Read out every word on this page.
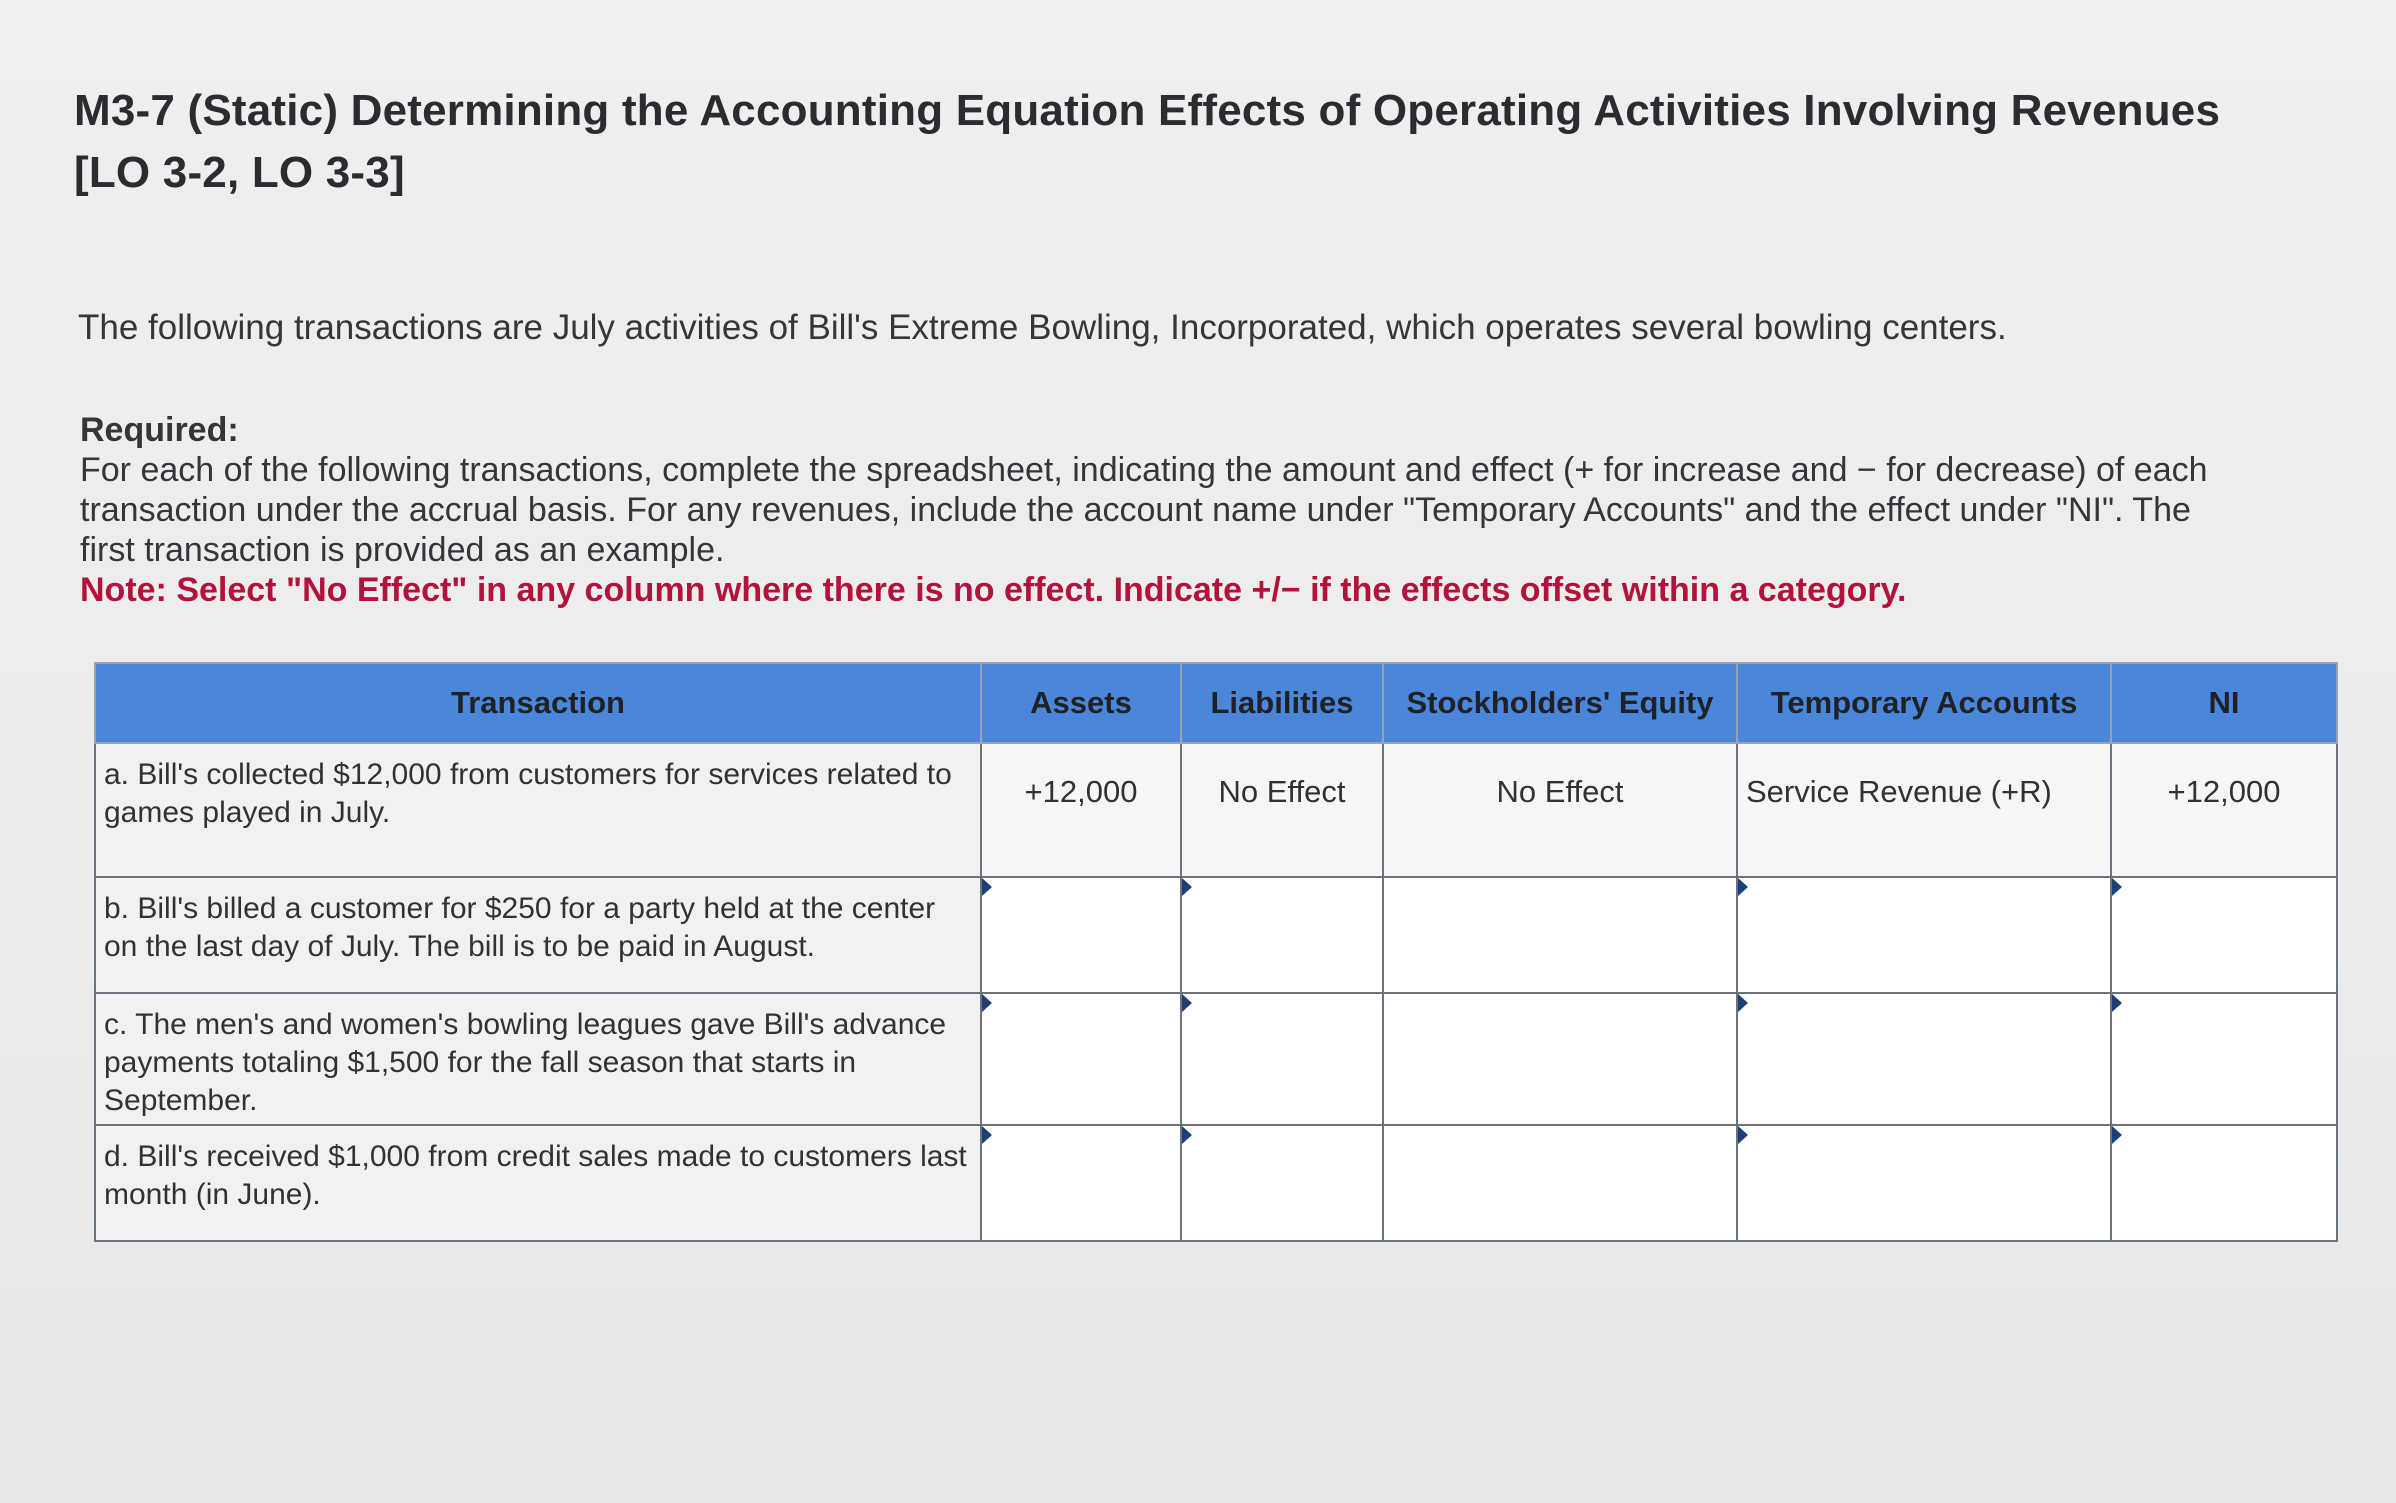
M3-7 (Static) Determining the Accounting Equation Effects of Operating Activities Involving Revenues [LO 3-2, LO 3-3]
The following transactions are July activities of Bill's Extreme Bowling, Incorporated, which operates several bowling centers.
Required:
For each of the following transactions, complete the spreadsheet, indicating the amount and effect (+ for increase and − for decrease) of each transaction under the accrual basis. For any revenues, include the account name under "Temporary Accounts" and the effect under "NI". The first transaction is provided as an example.
Note: Select "No Effect" in any column where there is no effect. Indicate +/− if the effects offset within a category.
Transaction	Assets	Liabilities	Stockholders' Equity	Temporary Accounts	NI
a. Bill's collected $12,000 from customers for services related to games played in July.	+12,000	No Effect	No Effect	Service Revenue (+R)	+12,000
b. Bill's billed a customer for $250 for a party held at the center on the last day of July. The bill is to be paid in August.	

c. The men's and women's bowling leagues gave Bill's advance payments totaling $1,500 for the fall season that starts in September.	

d. Bill's received $1,000 from credit sales made to customers last month (in June).	
